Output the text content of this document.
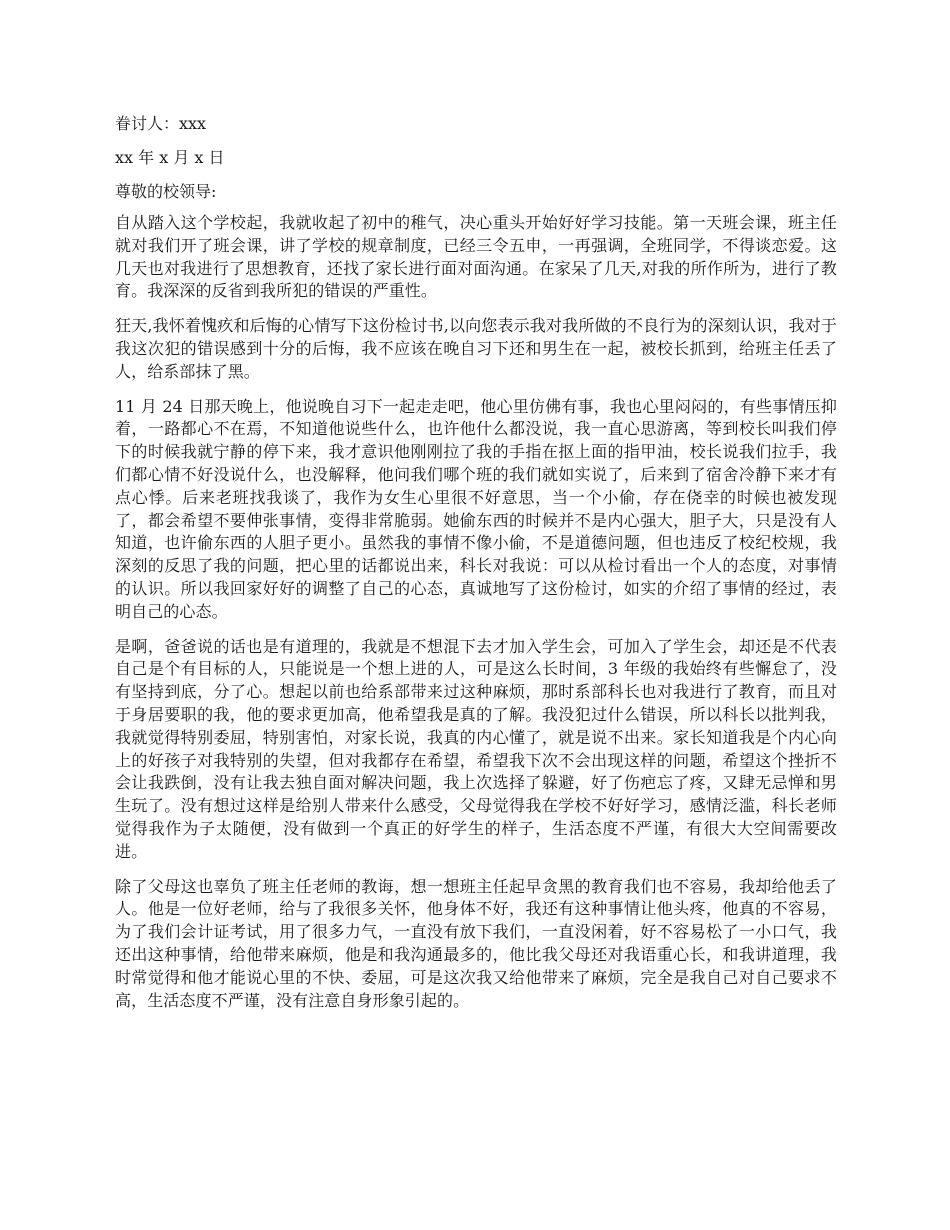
眷讨人：xxx

xx 年 x 月 x 日

尊敬的校领导:

自从踏入这个学校起，我就收起了初中的稚气，决心重头开始好好学习技能。第一天班会课，班主任就对我们开了班会课，讲了学校的规章制度，已经三令五申，一再强调，全班同学，不得谈恋爱。这几天也对我进行了思想教育，还找了家长进行面对面沟通。在家呆了几天,对我的所作所为，进行了教育。我深深的反省到我所犯的错误的严重性。

狂天,我怀着愧疚和后悔的心情写下这份检讨书,以向您表示我对我所做的不良行为的深刻认识，我对于我这次犯的错误感到十分的后悔，我不应该在晚自习下还和男生在一起，被校长抓到，给班主任丢了人，给系部抹了黑。

11 月 24 日那天晚上，他说晚自习下一起走走吧，他心里仿佛有事，我也心里闷闷的，有些事情压抑着，一路都心不在焉，不知道他说些什么，也许他什么都没说，我一直心思游离，等到校长叫我们停下的时候我就宁静的停下来，我才意识他刚刚拉了我的手指在抠上面的指甲油，校长说我们拉手，我们都心情不好没说什么，也没解释，他问我们哪个班的我们就如实说了，后来到了宿舍冷静下来才有点心悸。后来老班找我谈了，我作为女生心里很不好意思，当一个小偷，存在侥幸的时候也被发现了，都会希望不要伸张事情，变得非常脆弱。她偷东西的时候并不是内心强大，胆子大，只是没有人知道，也许偷东西的人胆子更小。虽然我的事情不像小偷，不是道德问题，但也违反了校纪校规，我深刻的反思了我的问题，把心里的话都说出来，科长对我说：可以从检讨看出一个人的态度，对事情的认识。所以我回家好好的调整了自己的心态，真诚地写了这份检讨，如实的介绍了事情的经过，表明自己的心态。

是啊，爸爸说的话也是有道理的，我就是不想混下去才加入学生会，可加入了学生会，却还是不代表自己是个有目标的人，只能说是一个想上进的人，可是这么长时间，3 年级的我始终有些懈怠了，没有坚持到底，分了心。想起以前也给系部带来过这种麻烦，那时系部科长也对我进行了教育，而且对于身居要职的我，他的要求更加高，他希望我是真的了解。我没犯过什么错误，所以科长以批判我，我就觉得特别委屈，特别害怕，对家长说，我真的内心懂了，就是说不出来。家长知道我是个内心向上的好孩子对我特别的失望，但对我都存在希望，希望我下次不会出现这样的问题，希望这个挫折不会让我跌倒，没有让我去独自面对解决问题，我上次选择了躲避，好了伤疤忘了疼，又肆无忌惮和男生玩了。没有想过这样是给别人带来什么感受，父母觉得我在学校不好好学习，感情泛滥，科长老师觉得我作为子太随便，没有做到一个真正的好学生的样子，生活态度不严谨，有很大大空间需要改进。

除了父母这也辜负了班主任老师的教诲，想一想班主任起早贪黑的教育我们也不容易，我却给他丢了人。他是一位好老师，给与了我很多关怀，他身体不好，我还有这种事情让他头疼，他真的不容易，为了我们会计证考试，用了很多力气，一直没有放下我们，一直没闲着，好不容易松了一小口气，我还出这种事情，给他带来麻烦，他是和我沟通最多的，他比我父母还对我语重心长，和我讲道理，我时常觉得和他才能说心里的不快、委屈，可是这次我又给他带来了麻烦，完全是我自己对自己要求不高，生活态度不严谨，没有注意自身形象引起的。
